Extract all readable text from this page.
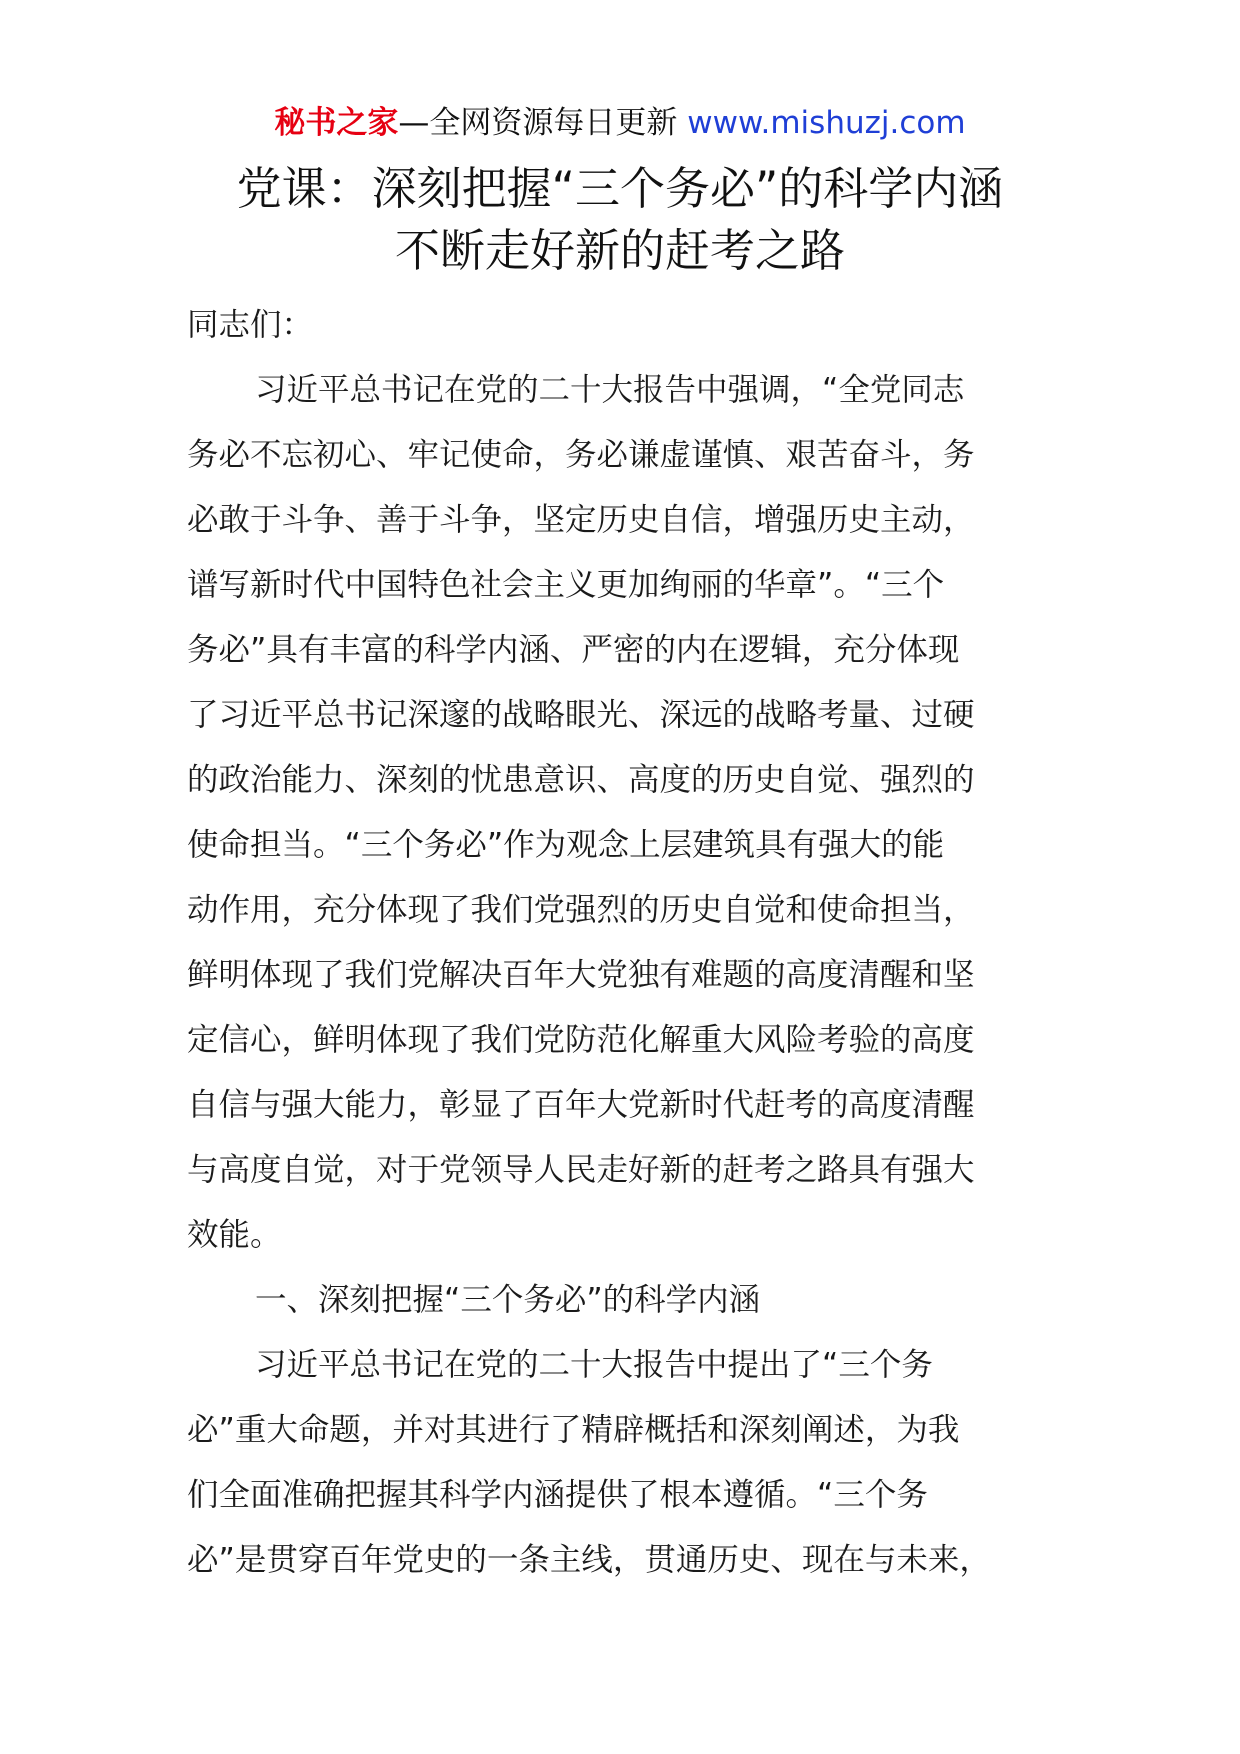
秘书之家—全网资源每日更新 www.mishuzj.com
党课：深刻把握“三个务必”的科学内涵
不断走好新的赶考之路
同志们：
习近平总书记在党的二十大报告中强调，“全党同志
务必不忘初心、牢记使命，务必谦虚谨慎、艰苦奋斗，务
必敢于斗争、善于斗争，坚定历史自信，增强历史主动，
谱写新时代中国特色社会主义更加绚丽的华章”。“三个
务必”具有丰富的科学内涵、严密的内在逻辑，充分体现
了习近平总书记深邃的战略眼光、深远的战略考量、过硬
的政治能力、深刻的忧患意识、高度的历史自觉、强烈的
使命担当。“三个务必”作为观念上层建筑具有强大的能
动作用，充分体现了我们党强烈的历史自觉和使命担当，
鲜明体现了我们党解决百年大党独有难题的高度清醒和坚
定信心，鲜明体现了我们党防范化解重大风险考验的高度
自信与强大能力，彰显了百年大党新时代赶考的高度清醒
与高度自觉，对于党领导人民走好新的赶考之路具有强大
效能。
一、深刻把握“三个务必”的科学内涵
习近平总书记在党的二十大报告中提出了“三个务
必”重大命题，并对其进行了精辟概括和深刻阐述，为我
们全面准确把握其科学内涵提供了根本遵循。“三个务
必”是贯穿百年党史的一条主线，贯通历史、现在与未来，
